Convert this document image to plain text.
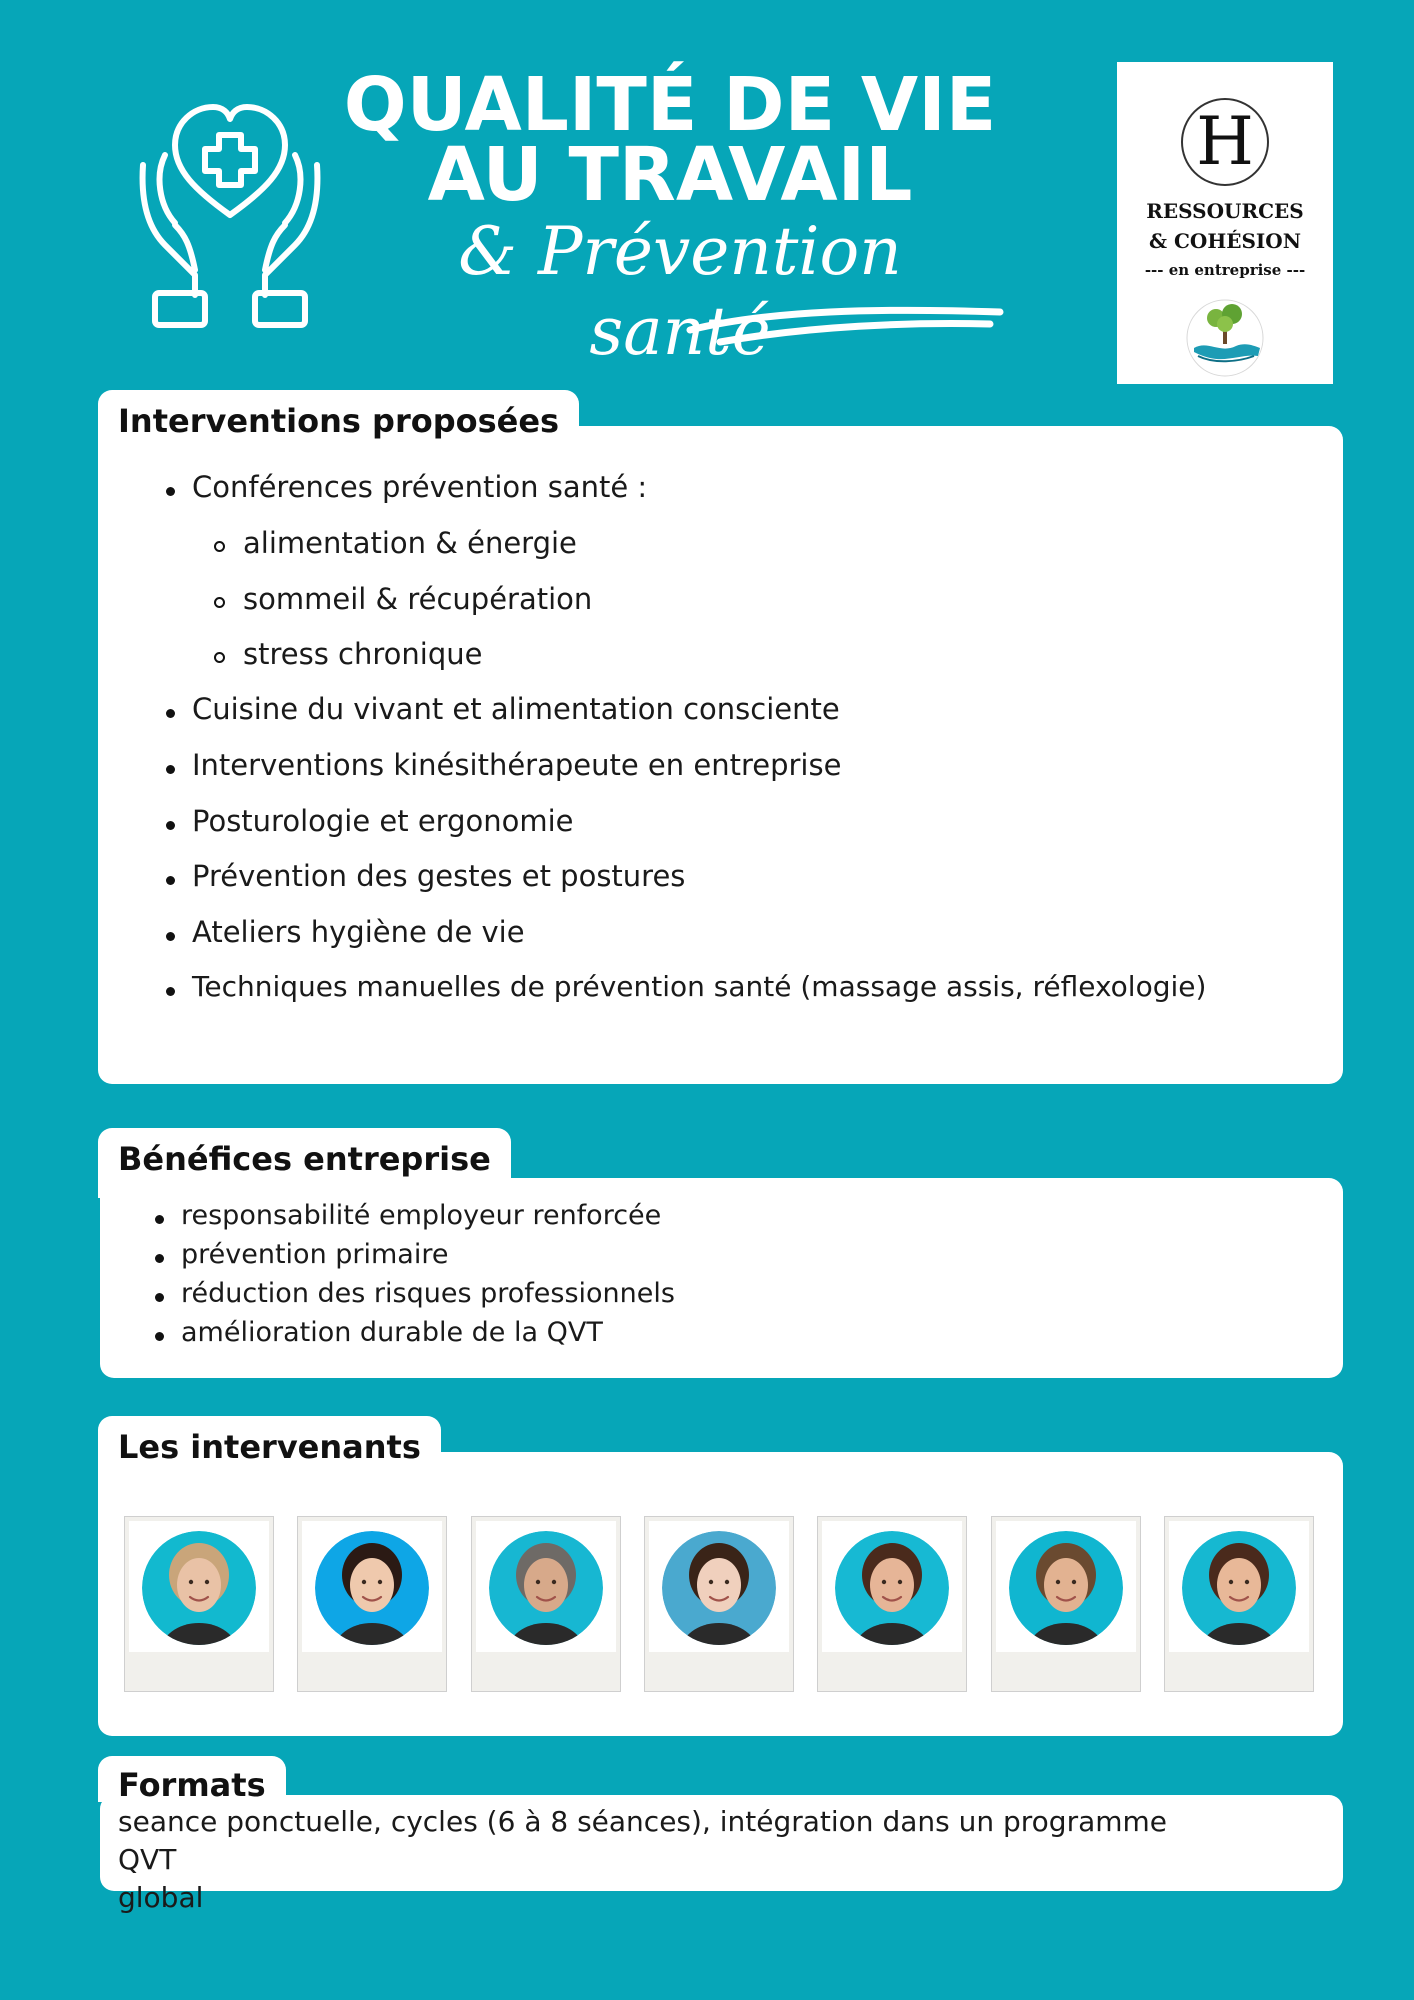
QUALITÉ DE VIE
AU TRAVAIL
& Prévention santé
H
RESSOURCES
& COHÉSION
--- en entreprise ---
Interventions proposées
Conférences prévention santé :
alimentation & énergie
sommeil & récupération
stress chronique
Cuisine du vivant et alimentation consciente
Interventions kinésithérapeute en entreprise
Posturologie et ergonomie
Prévention des gestes et postures
Ateliers hygiène de vie
Techniques manuelles de prévention santé (massage assis, réflexologie)
Bénéfices entreprise
responsabilité employeur renforcée
prévention primaire
réduction des risques professionnels
amélioration durable de la QVT
Les intervenants
Formats
seance ponctuelle, cycles (6 à 8 séances), intégration dans un programme QVT
global
